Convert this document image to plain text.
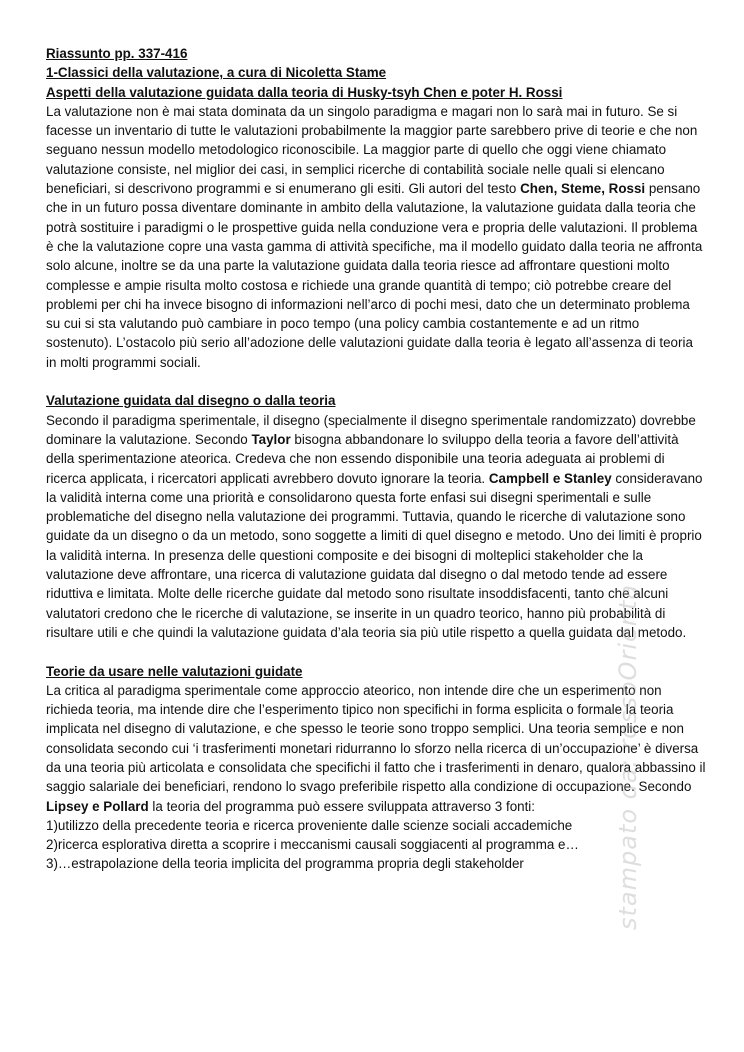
Riassunto pp. 337-416

1-Classici della valutazione, a cura di Nicoletta Stame

Aspetti della valutazione guidata dalla teoria di Husky-tsyh Chen e poter H. Rossi

La valutazione non è mai stata dominata da un singolo paradigma e magari non lo sarà mai in futuro. Se si facesse un inventario di tutte le valutazioni probabilmente la maggior parte sarebbero prive di teorie e che non seguano nessun modello metodologico riconoscibile. La maggior parte di quello che oggi viene chiamato valutazione consiste, nel miglior dei casi, in semplici ricerche di contabilità sociale nelle quali si elencano beneficiari, si descrivono programmi e si enumerano gli esiti. Gli autori del testo Chen, Steme, Rossi pensano che in un futuro possa diventare dominante in ambito della valutazione, la valutazione guidata dalla teoria che potrà sostituire i paradigmi o le prospettive guida nella conduzione vera e propria delle valutazioni. Il problema è che la valutazione copre una vasta gamma di attività specifiche, ma il modello guidato dalla teoria ne affronta solo alcune, inoltre se da una parte la valutazione guidata dalla teoria riesce ad affrontare questioni molto complesse e ampie risulta molto costosa e richiede una grande quantità di tempo; ciò potrebbe creare del problemi per chi ha invece bisogno di informazioni nell’arco di pochi mesi, dato che un determinato problema su cui si sta valutando può cambiare in poco tempo (una policy cambia costantemente e ad un ritmo sostenuto). L’ostacolo più serio all’adozione delle valutazioni guidate dalla teoria è legato all’assenza di teoria in molti programmi sociali.

Valutazione guidata dal disegno o dalla teoria

Secondo il paradigma sperimentale, il disegno (specialmente il disegno sperimentale randomizzato) dovrebbe dominare la valutazione. Secondo Taylor bisogna abbandonare lo sviluppo della teoria a favore dell’attività della sperimentazione ateorica. Credeva che non essendo disponibile una teoria adeguata ai problemi di ricerca applicata, i ricercatori applicati avrebbero dovuto ignorare la teoria. Campbell e Stanley consideravano la validità interna come una priorità e consolidarono questa forte enfasi sui disegni sperimentali e sulle problematiche del disegno nella valutazione dei programmi. Tuttavia, quando le ricerche di valutazione sono guidate da un disegno o da un metodo, sono soggette a limiti di quel disegno e metodo. Uno dei limiti è proprio la validità interna. In presenza delle questioni composite e dei bisogni di molteplici stakeholder che la valutazione deve affrontare, una ricerca di valutazione guidata dal disegno o dal metodo tende ad essere riduttiva e limitata. Molte delle ricerche guidate dal metodo sono risultate insoddisfacenti, tanto che alcuni valutatori credono che le ricerche di valutazione, se inserite in un quadro teorico, hanno più probabilità di risultare utili e che quindi la valutazione guidata d’ala teoria sia più utile rispetto a quella guidata dal metodo.

Teorie da usare nelle valutazioni guidate

La critica al paradigma sperimentale come approccio ateorico, non intende dire che un esperimento non richieda teoria, ma intende dire che l’esperimento tipico non specifichi in forma esplicita o formale la teoria implicata nel disegno di valutazione, e che spesso le teorie sono troppo semplici. Una teoria semplice e non consolidata secondo cui ‘i trasferimenti monetari ridurranno lo sforzo nella ricerca di un’occupazione’ è diversa da una teoria più articolata e consolidata che specifichi il fatto che i trasferimenti in denaro, qualora abbassino il saggio salariale dei beneficiari, rendono lo svago preferibile rispetto alla condizione di occupazione. Secondo Lipsey e Pollard la teoria del programma può essere sviluppata attraverso 3 fonti:

1)utilizzo della precedente teoria e ricerca proveniente dalle scienze sociali accademiche

2)ricerca esplorativa diretta a scoprire i meccanismi causali soggiacenti al programma e…

3)…estrapolazione della teoria implicita del programma propria degli stakeholder	stampato da: rossoOrienta
